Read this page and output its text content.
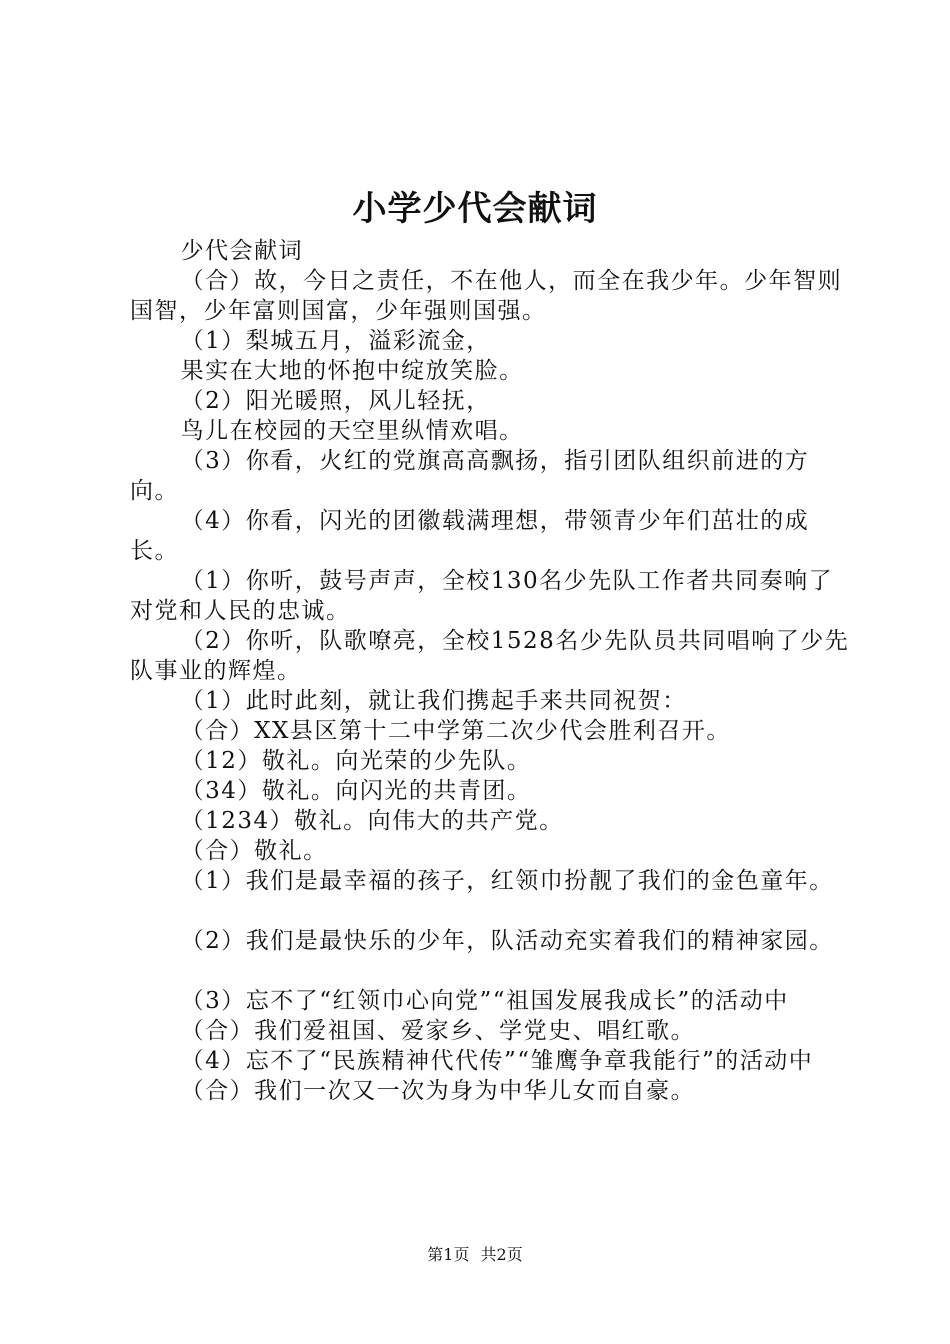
小学少代会献词

少代会献词

（合）故，今日之责任，不在他人，而全在我少年。少年智则国智，少年富则国富，少年强则国强。

（1）梨城五月，溢彩流金，

果实在大地的怀抱中绽放笑脸。

（2）阳光暖照，风儿轻抚，

鸟儿在校园的天空里纵情欢唱。

（3）你看，火红的党旗高高飘扬，指引团队组织前进的方向。

（4）你看，闪光的团徽载满理想，带领青少年们茁壮的成长。

（1）你听，鼓号声声，全校130名少先队工作者共同奏响了对党和人民的忠诚。

（2）你听，队歌嘹亮，全校1528名少先队员共同唱响了少先队事业的辉煌。

（1）此时此刻，就让我们携起手来共同祝贺：

（合）XX县区第十二中学第二次少代会胜利召开。

（12）敬礼。向光荣的少先队。

（34）敬礼。向闪光的共青团。

（1234）敬礼。向伟大的共产党。

（合）敬礼。

（1）我们是最幸福的孩子，红领巾扮靓了我们的金色童年。

（2）我们是最快乐的少年，队活动充实着我们的精神家园。

（3）忘不了“红领巾心向党”“祖国发展我成长”的活动中

（合）我们爱祖国、爱家乡、学党史、唱红歌。

（4）忘不了“民族精神代代传”“雏鹰争章我能行”的活动中

（合）我们一次又一次为身为中华儿女而自豪。

第1页 共2页
